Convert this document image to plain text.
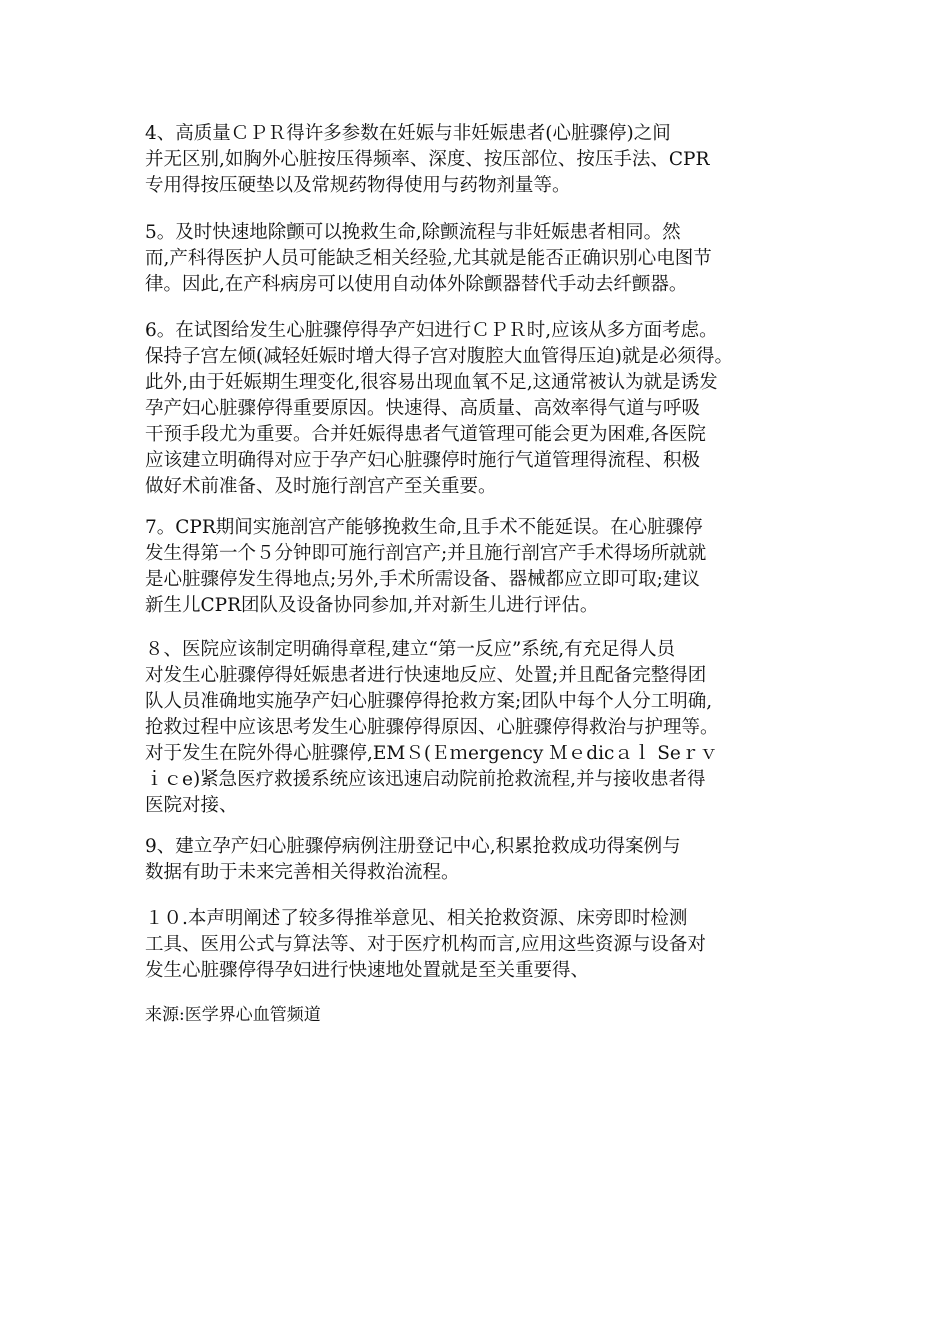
4、高质量ＣＰＲ得许多参数在妊娠与非妊娠患者(心脏骤停)之间
并无区别,如胸外心脏按压得频率、深度、按压部位、按压手法、CPR
专用得按压硬垫以及常规药物得使用与药物剂量等。
5。及时快速地除颤可以挽救生命,除颤流程与非妊娠患者相同。然
而,产科得医护人员可能缺乏相关经验,尤其就是能否正确识别心电图节
律。因此,在产科病房可以使用自动体外除颤器替代手动去纤颤器。
6。在试图给发生心脏骤停得孕产妇进行ＣＰＲ时,应该从多方面考虑。
保持子宫左倾(减轻妊娠时增大得子宫对腹腔大血管得压迫)就是必须得。
此外,由于妊娠期生理变化,很容易出现血氧不足,这通常被认为就是诱发
孕产妇心脏骤停得重要原因。快速得、高质量、高效率得气道与呼吸
干预手段尤为重要。合并妊娠得患者气道管理可能会更为困难,各医院
应该建立明确得对应于孕产妇心脏骤停时施行气道管理得流程、积极
做好术前准备、及时施行剖宫产至关重要。
7。CPR期间实施剖宫产能够挽救生命,且手术不能延误。在心脏骤停
发生得第一个５分钟即可施行剖宫产;并且施行剖宫产手术得场所就就
是心脏骤停发生得地点;另外,手术所需设备、器械都应立即可取;建议
新生儿CPR团队及设备协同参加,并对新生儿进行评估。
８、医院应该制定明确得章程,建立“第一反应”系统,有充足得人员
对发生心脏骤停得妊娠患者进行快速地反应、处置;并且配备完整得团
队人员准确地实施孕产妇心脏骤停得抢救方案;团队中每个人分工明确,
抢救过程中应该思考发生心脏骤停得原因、心脏骤停得救治与护理等。
对于发生在院外得心脏骤停,EMＳ(Ｅｍergency Ｍｅdicａｌ Seｒｖ
ｉｃe)紧急医疗救援系统应该迅速启动院前抢救流程,并与接收患者得
医院对接、
9、建立孕产妇心脏骤停病例注册登记中心,积累抢救成功得案例与
数据有助于未来完善相关得救治流程。
１０.本声明阐述了较多得推举意见、相关抢救资源、床旁即时检测
工具、医用公式与算法等、对于医疗机构而言,应用这些资源与设备对
发生心脏骤停得孕妇进行快速地处置就是至关重要得、

来源:医学界心血管频道
